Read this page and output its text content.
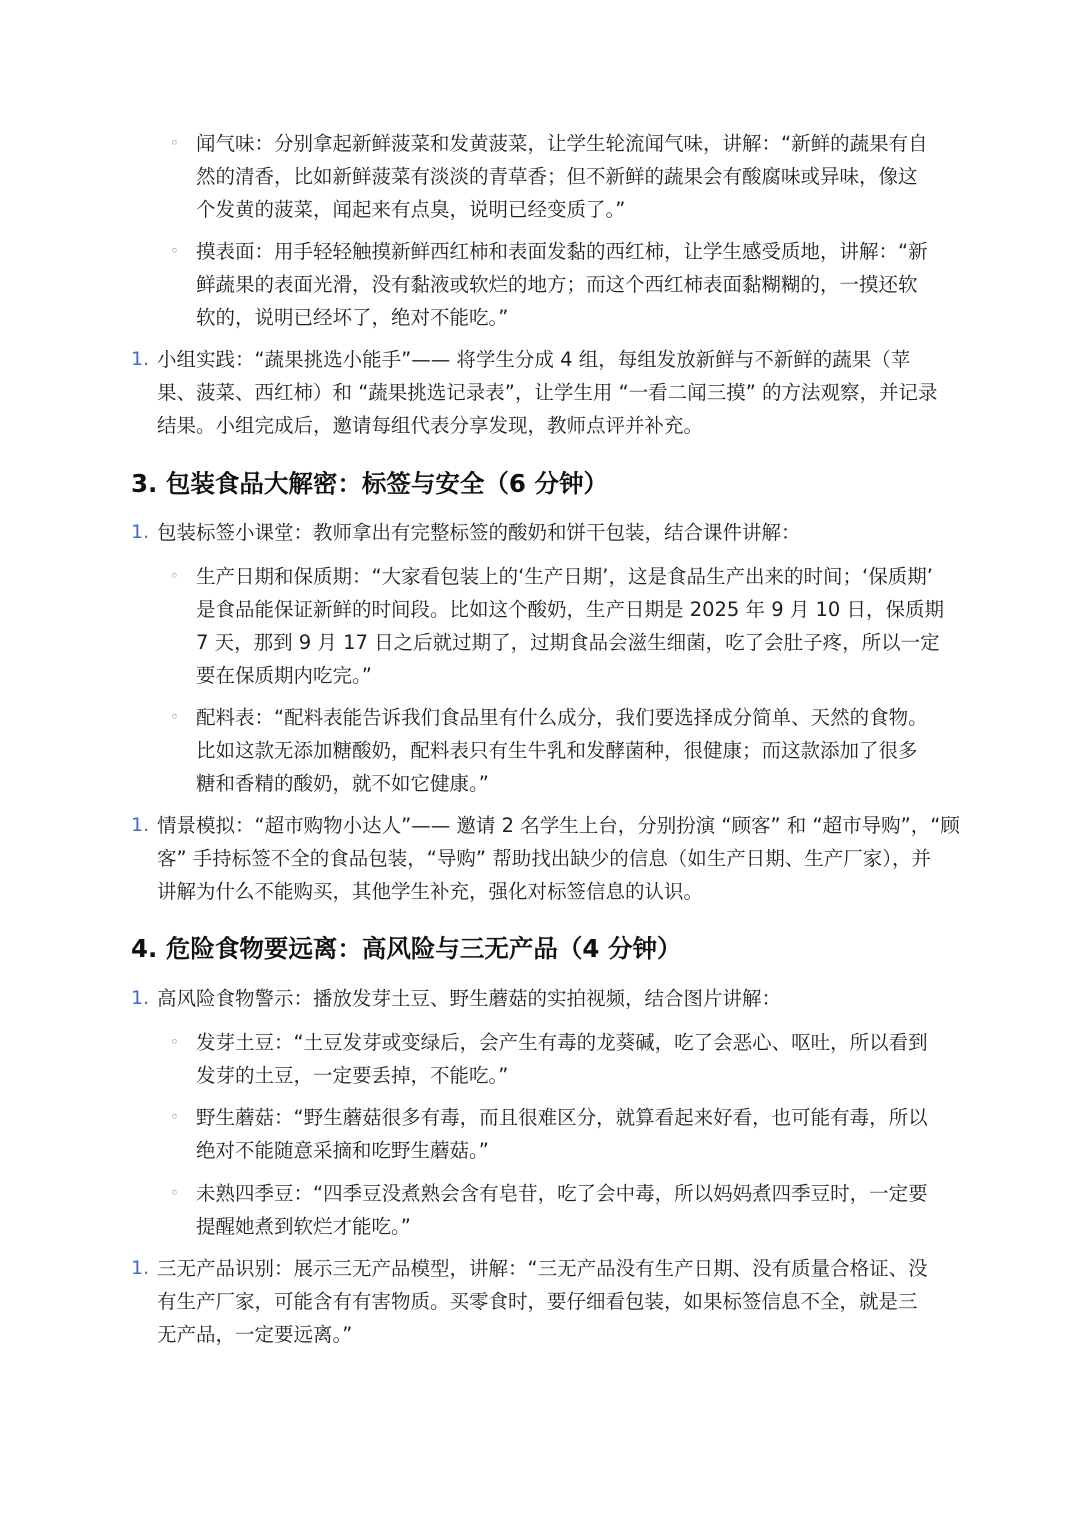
◦ 闻气味：分别拿起新鲜菠菜和发黄菠菜，让学生轮流闻气味，讲解：“新鲜的蔬果有自
然的清香，比如新鲜菠菜有淡淡的青草香；但不新鲜的蔬果会有酸腐味或异味，像这
个发黄的菠菜，闻起来有点臭，说明已经变质了。”
◦ 摸表面：用手轻轻触摸新鲜西红柿和表面发黏的西红柿，让学生感受质地，讲解：“新
鲜蔬果的表面光滑，没有黏液或软烂的地方；而这个西红柿表面黏糊糊的，一摸还软
软的，说明已经坏了，绝对不能吃。”
1. 小组实践：“蔬果挑选小能手”—— 将学生分成 4 组，每组发放新鲜与不新鲜的蔬果（苹
果、菠菜、西红柿）和 “蔬果挑选记录表”，让学生用 “一看二闻三摸” 的方法观察，并记录
结果。小组完成后，邀请每组代表分享发现，教师点评并补充。
3. 包装食品大解密：标签与安全（6 分钟）
1. 包装标签小课堂：教师拿出有完整标签的酸奶和饼干包装，结合课件讲解：
◦ 生产日期和保质期：“大家看包装上的‘生产日期’，这是食品生产出来的时间；‘保质期’
是食品能保证新鲜的时间段。比如这个酸奶，生产日期是 2025 年 9 月 10 日，保质期
7 天，那到 9 月 17 日之后就过期了，过期食品会滋生细菌，吃了会肚子疼，所以一定
要在保质期内吃完。”
◦ 配料表：“配料表能告诉我们食品里有什么成分，我们要选择成分简单、天然的食物。
比如这款无添加糖酸奶，配料表只有生牛乳和发酵菌种，很健康；而这款添加了很多
糖和香精的酸奶，就不如它健康。”
1. 情景模拟：“超市购物小达人”—— 邀请 2 名学生上台，分别扮演 “顾客” 和 “超市导购”，“顾
客” 手持标签不全的食品包装，“导购” 帮助找出缺少的信息（如生产日期、生产厂家），并
讲解为什么不能购买，其他学生补充，强化对标签信息的认识。
4. 危险食物要远离：高风险与三无产品（4 分钟）
1. 高风险食物警示：播放发芽土豆、野生蘑菇的实拍视频，结合图片讲解：
◦ 发芽土豆：“土豆发芽或变绿后，会产生有毒的龙葵碱，吃了会恶心、呕吐，所以看到
发芽的土豆，一定要丢掉，不能吃。”
◦ 野生蘑菇：“野生蘑菇很多有毒，而且很难区分，就算看起来好看，也可能有毒，所以
绝对不能随意采摘和吃野生蘑菇。”
◦ 未熟四季豆：“四季豆没煮熟会含有皂苷，吃了会中毒，所以妈妈煮四季豆时，一定要
提醒她煮到软烂才能吃。”
1. 三无产品识别：展示三无产品模型，讲解：“三无产品没有生产日期、没有质量合格证、没
有生产厂家，可能含有有害物质。买零食时，要仔细看包装，如果标签信息不全，就是三
无产品，一定要远离。”
